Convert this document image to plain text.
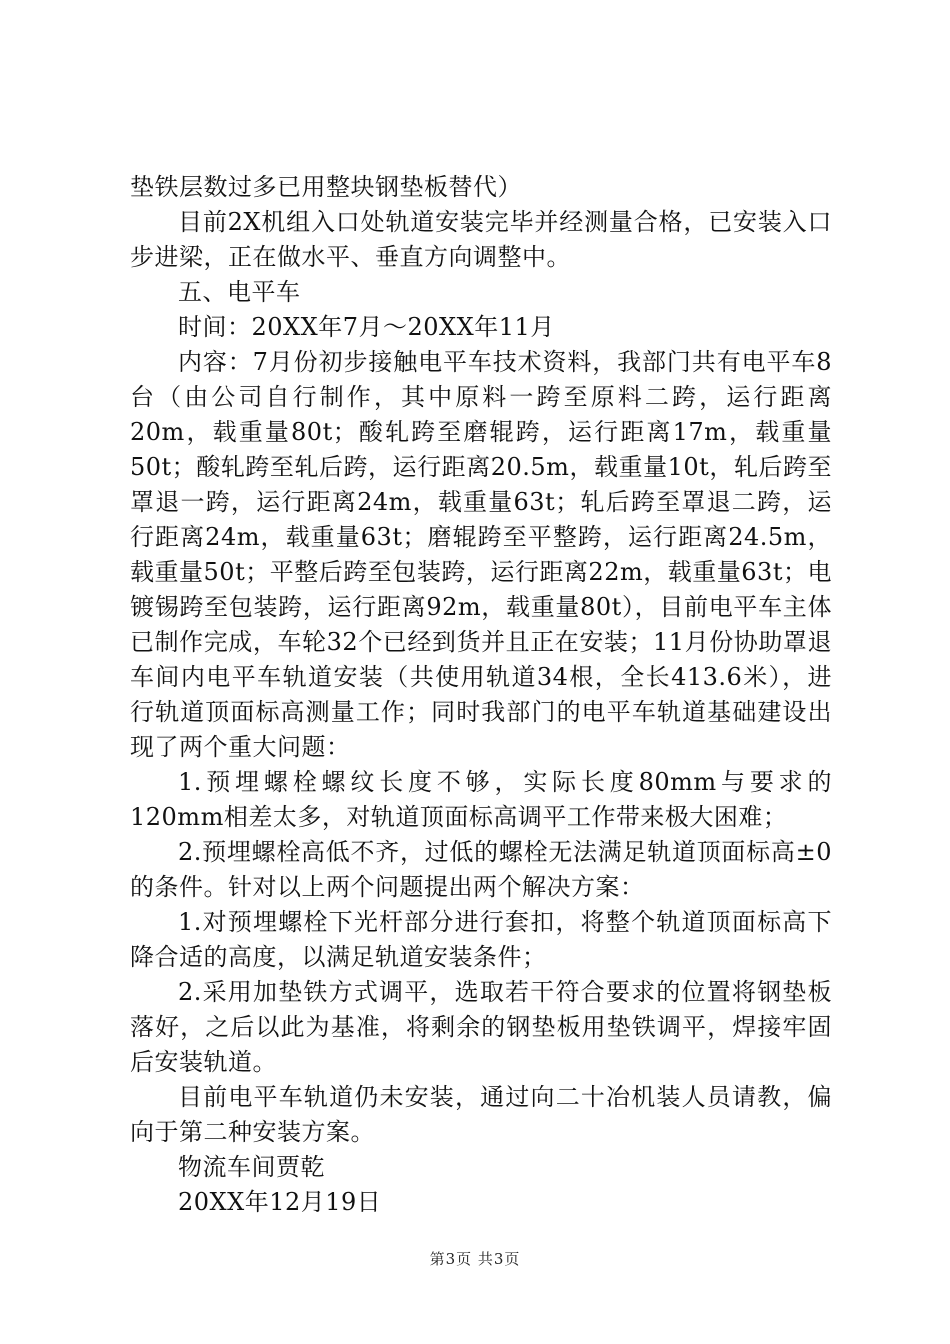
垫铁层数过多已用整块钢垫板替代）

目前2X机组入口处轨道安装完毕并经测量合格，已安装入口步进梁，正在做水平、垂直方向调整中。

五、电平车

时间：20XX年7月～20XX年11月

内容：7月份初步接触电平车技术资料，我部门共有电平车8台（由公司自行制作，其中原料一跨至原料二跨，运行距离20m，载重量80t；酸轧跨至磨辊跨，运行距离17m，载重量50t；酸轧跨至轧后跨，运行距离20.5m，载重量10t，轧后跨至罩退一跨，运行距离24m，载重量63t；轧后跨至罩退二跨，运行距离24m，载重量63t；磨辊跨至平整跨，运行距离24.5m，载重量50t；平整后跨至包装跨，运行距离22m，载重量63t；电镀锡跨至包装跨，运行距离92m，载重量80t），目前电平车主体已制作完成，车轮32个已经到货并且正在安装；11月份协助罩退车间内电平车轨道安装（共使用轨道34根，全长413.6米），进行轨道顶面标高测量工作；同时我部门的电平车轨道基础建设出现了两个重大问题：

1.预埋螺栓螺纹长度不够，实际长度80mm与要求的120mm相差太多，对轨道顶面标高调平工作带来极大困难；

2.预埋螺栓高低不齐，过低的螺栓无法满足轨道顶面标高±0的条件。针对以上两个问题提出两个解决方案：

1.对预埋螺栓下光杆部分进行套扣，将整个轨道顶面标高下降合适的高度，以满足轨道安装条件；

2.采用加垫铁方式调平，选取若干符合要求的位置将钢垫板落好，之后以此为基准，将剩余的钢垫板用垫铁调平，焊接牢固后安装轨道。

目前电平车轨道仍未安装，通过向二十冶机装人员请教，偏向于第二种安装方案。

物流车间贾乾

20XX年12月19日

第3页 共3页
